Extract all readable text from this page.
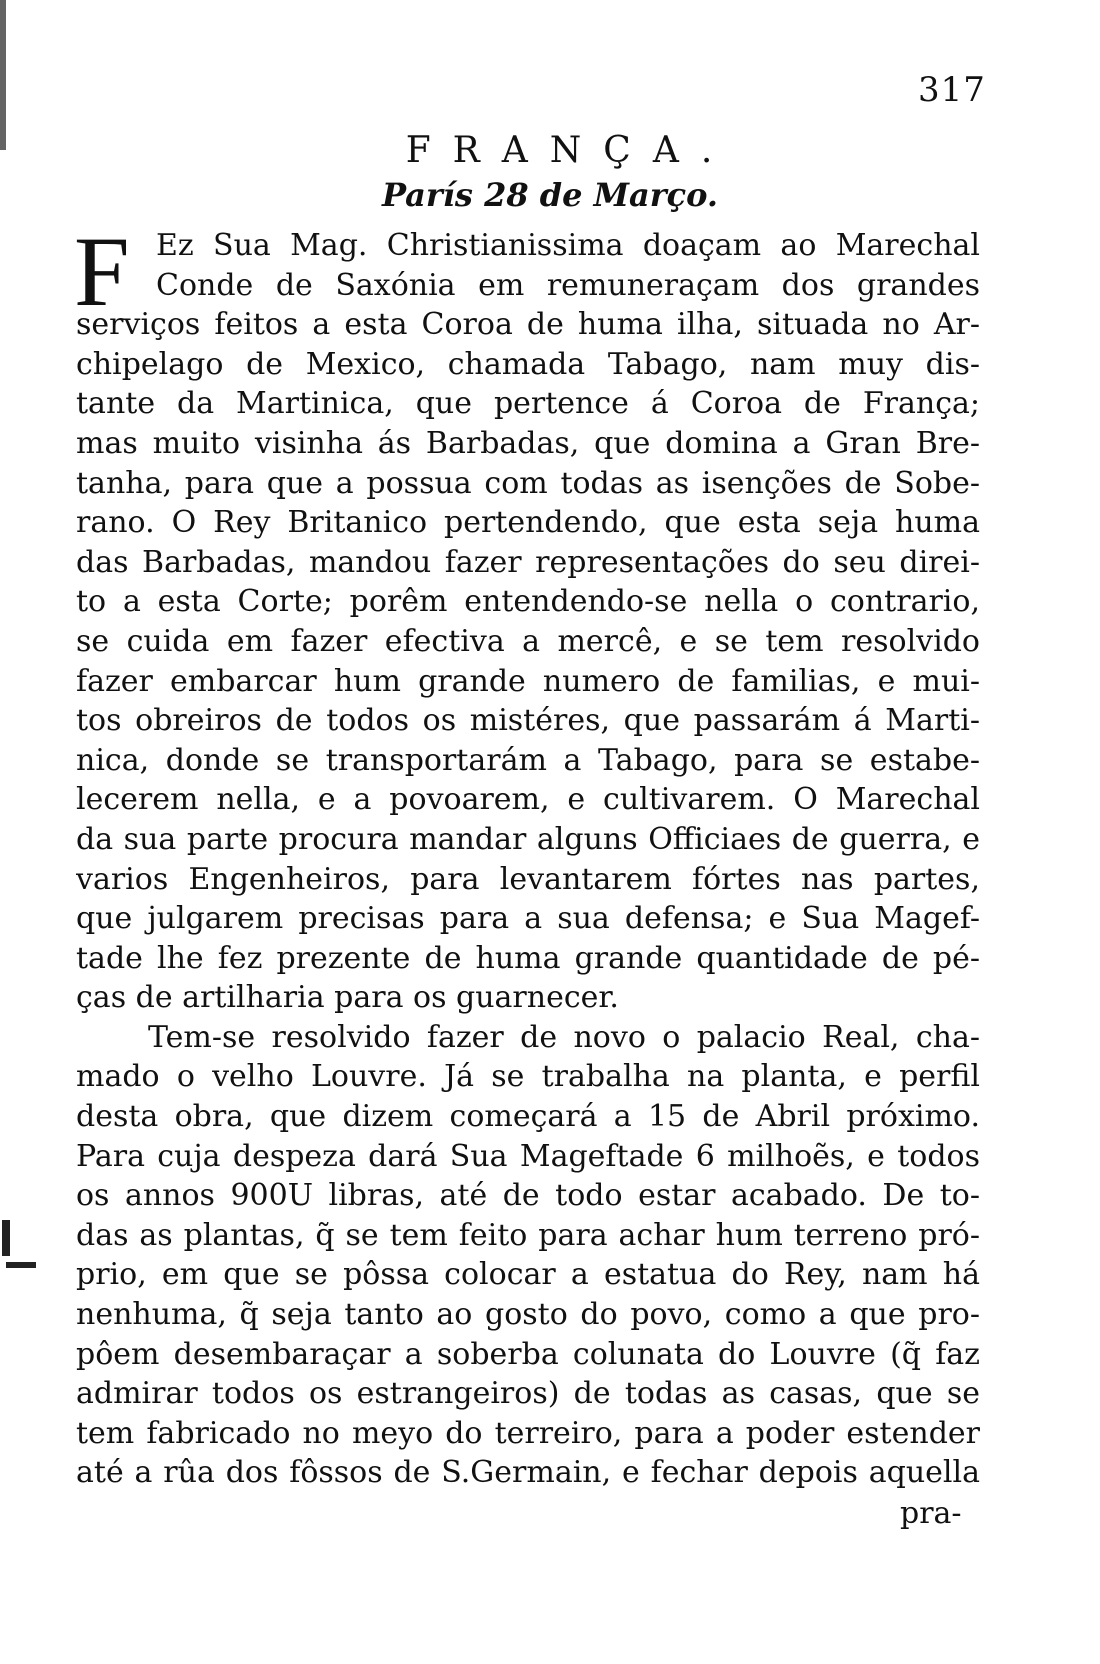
317
FRANÇA.
París 28 de Março.
F Ez Sua Mag. Christianissima doaçam ao Marechal
Conde de Saxónia em remuneraçam dos grandes
serviços feitos a esta Coroa de huma ilha, situada no Ar-
chipelago de Mexico, chamada Tabago, nam muy dis-
tante da Martinica, que pertence á Coroa de França;
mas muito visinha ás Barbadas, que domina a Gran Bre-
tanha, para que a possua com todas as isenções de Sobe-
rano. O Rey Britanico pertendendo, que esta seja huma
das Barbadas, mandou fazer representações do seu direi-
to a esta Corte; porêm entendendo-se nella o contrario,
se cuida em fazer efectiva a mercê, e se tem resolvido
fazer embarcar hum grande numero de familias, e mui-
tos obreiros de todos os mistéres, que passarám á Marti-
nica, donde se transportarám a Tabago, para se estabe-
lecerem nella, e a povoarem, e cultivarem. O Marechal
da sua parte procura mandar alguns Officiaes de guerra, e
varios Engenheiros, para levantarem fórtes nas partes,
que julgarem precisas para a sua defensa; e Sua Magef-
tade lhe fez prezente de huma grande quantidade de pé-
ças de artilharia para os guarnecer.
Tem-se resolvido fazer de novo o palacio Real, cha-
mado o velho Louvre. Já se trabalha na planta, e perfil
desta obra, que dizem começará a 15 de Abril próximo.
Para cuja despeza dará Sua Mageftade 6 milhoẽs, e todos
os annos 900U libras, até de todo estar acabado. De to-
das as plantas, q̃ se tem feito para achar hum terreno pró-
prio, em que se pôssa colocar a estatua do Rey, nam há
nenhuma, q̃ seja tanto ao gosto do povo, como a que pro-
pôem desembaraçar a soberba colunata do Louvre (q̃ faz
admirar todos os estrangeiros) de todas as casas, que se
tem fabricado no meyo do terreiro, para a poder estender
até a rûa dos fôssos de S.Germain, e fechar depois aquella
pra-
